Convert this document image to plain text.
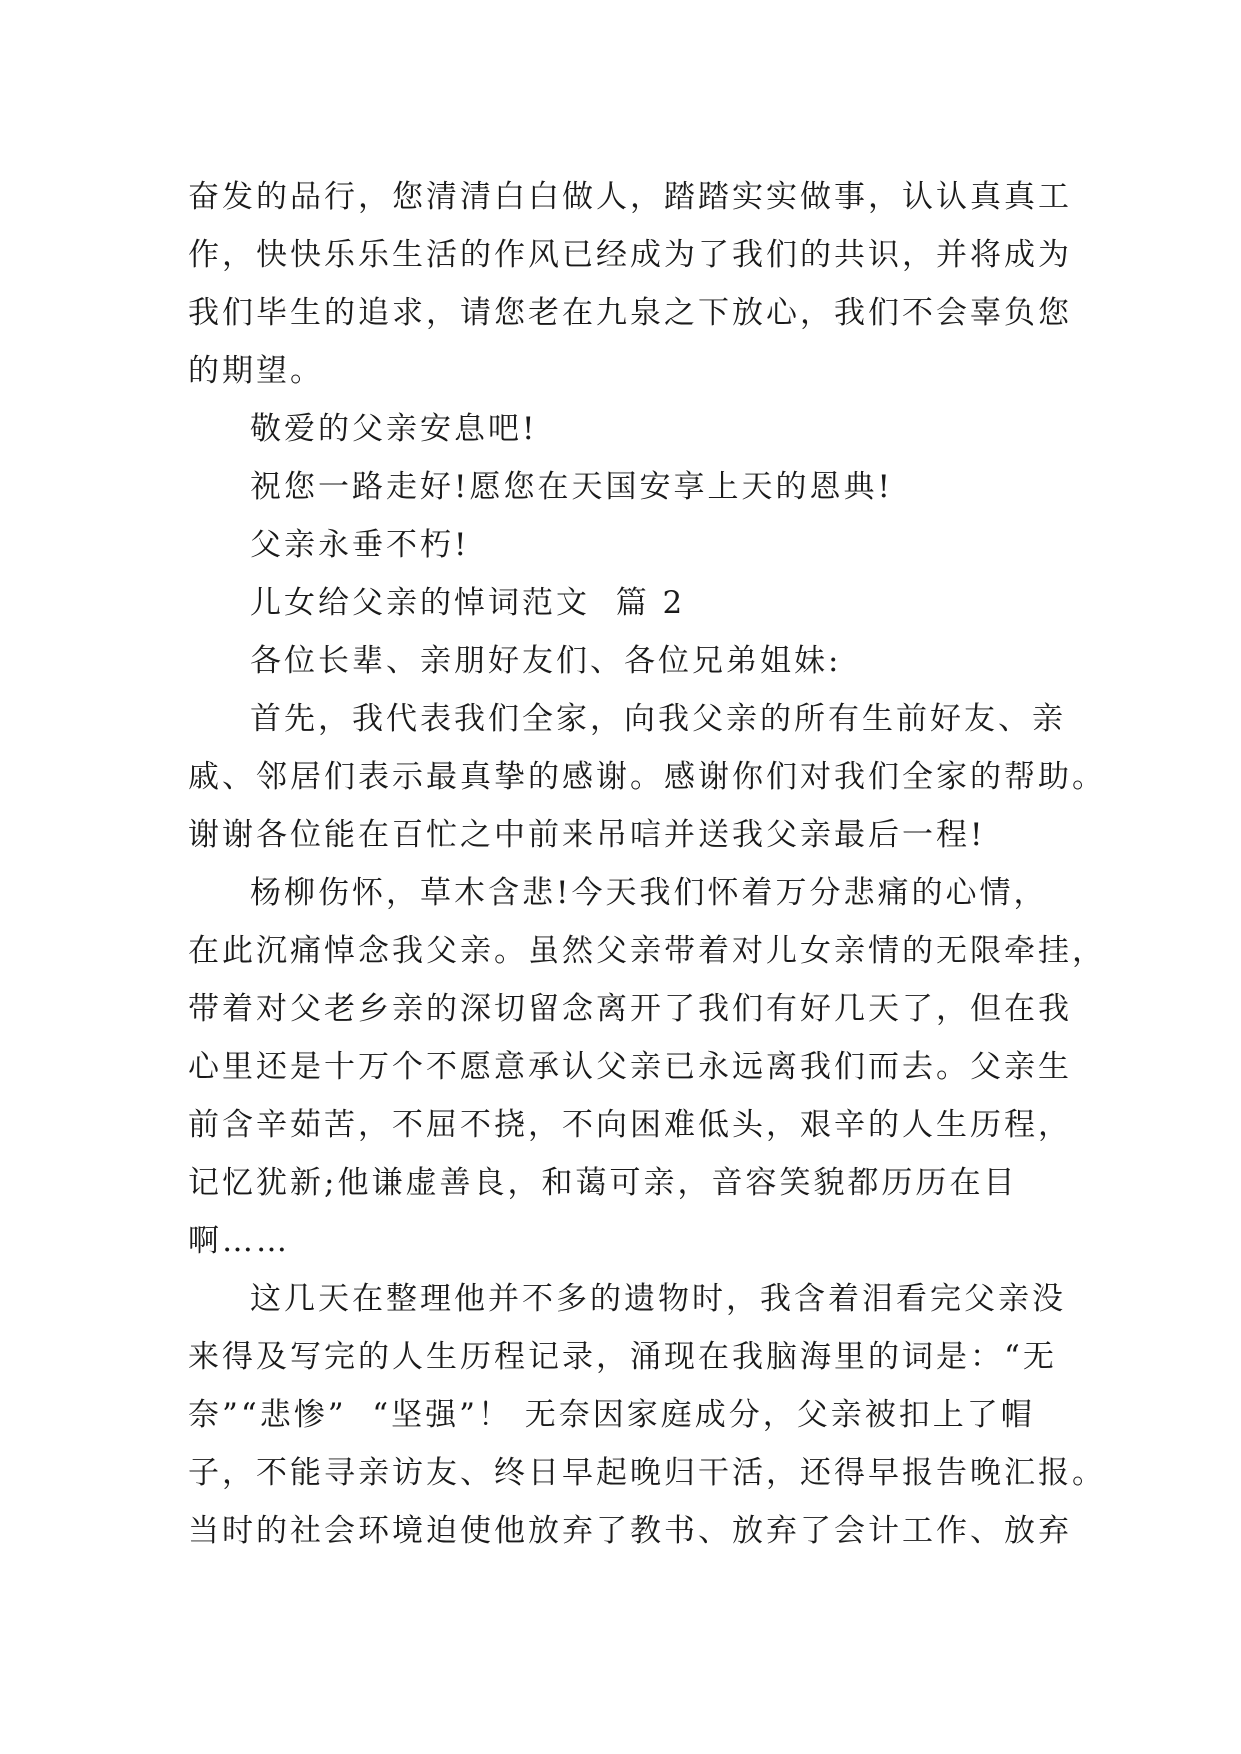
奋发的品行，您清清白白做人，踏踏实实做事，认认真真工
作，快快乐乐生活的作风已经成为了我们的共识，并将成为
我们毕生的追求，请您老在九泉之下放心，我们不会辜负您
的期望。

敬爱的父亲安息吧!

祝您一路走好!愿您在天国安享上天的恩典!

父亲永垂不朽!

儿女给父亲的悼词范文  篇 2

各位长辈、亲朋好友们、各位兄弟姐妹:

首先，我代表我们全家，向我父亲的所有生前好友、亲
戚、邻居们表示最真挚的感谢。感谢你们对我们全家的帮助。
谢谢各位能在百忙之中前来吊唁并送我父亲最后一程!
杨柳伤怀，草木含悲!今天我们怀着万分悲痛的心情，
在此沉痛悼念我父亲。虽然父亲带着对儿女亲情的无限牵挂，
带着对父老乡亲的深切留念离开了我们有好几天了，但在我
心里还是十万个不愿意承认父亲已永远离我们而去。父亲生
前含辛茹苦，不屈不挠，不向困难低头，艰辛的人生历程，
记忆犹新;他谦虚善良，和蔼可亲，音容笑貌都历历在目
啊……
这几天在整理他并不多的遗物时，我含着泪看完父亲没
来得及写完的人生历程记录，涌现在我脑海里的词是：“无
奈”“悲惨”  “坚强”！ 无奈因家庭成分，父亲被扣上了帽
子，不能寻亲访友、终日早起晚归干活，还得早报告晚汇报。
当时的社会环境迫使他放弃了教书、放弃了会计工作、放弃
